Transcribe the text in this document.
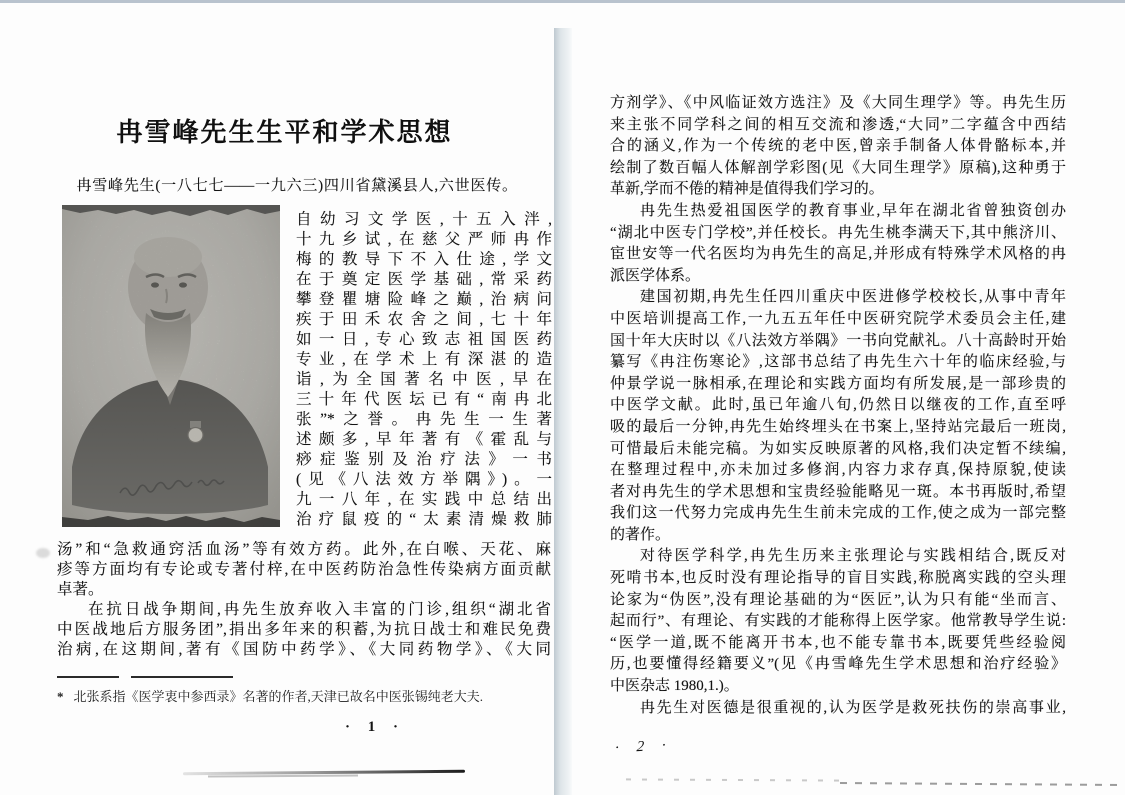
冉雪峰先生生平和学术思想
冉雪峰先生(一八七七——一九六三)四川省黛溪县人,六世医传。
自幼习文学医,十五入泮,
十九乡试,在慈父严师冉作
梅的教导下不入仕途,学文
在于奠定医学基础,常采药
攀登瞿塘险峰之巅,治病问
疾于田禾农舍之间,七十年
如一日,专心致志祖国医药
专业,在学术上有深湛的造
诣,为全国著名中医,早在
三十年代医坛已有“南冉北
张”*之誉。冉先生一生著
述颇多,早年著有《霍乱与
痧症鉴别及治疗法》一书
(见《八法效方举隅》)。一
九一八年,在实践中总结出
治疗鼠疫的“太素清燥救肺
汤”和“急救通窍活血汤”等有效方药。此外,在白喉、天花、麻
疹等方面均有专论或专著付梓,在中医药防治急性传染病方面贡献
卓著。
在抗日战争期间,冉先生放弃收入丰富的门诊,组织“湖北省
中医战地后方服务团”,捐出多年来的积蓄,为抗日战士和难民免费
治病,在这期间,著有《国防中药学》、《大同药物学》、《大同
* 北张系指《医学衷中参西录》名著的作者,天津已故名中医张锡纯老大夫.
· 1 ·
方剂学》、《中风临证效方选注》及《大同生理学》等。冉先生历
来主张不同学科之间的相互交流和渗透,“大同”二字蕴含中西结
合的涵义,作为一个传统的老中医,曾亲手制备人体骨骼标本,并
绘制了数百幅人体解剖学彩图(见《大同生理学》原稿),这种勇于
革新,学而不倦的精神是值得我们学习的。
冉先生热爱祖国医学的教育事业,早年在湖北省曾独资创办
“湖北中医专门学校”,并任校长。冉先生桃李满天下,其中熊济川、
宦世安等一代名医均为冉先生的高足,并形成有特殊学术风格的冉
派医学体系。
建国初期,冉先生任四川重庆中医进修学校校长,从事中青年
中医培训提高工作,一九五五年任中医研究院学术委员会主任,建
国十年大庆时以《八法效方举隅》一书向党献礼。八十高龄时开始
纂写《冉注伤寒论》,这部书总结了冉先生六十年的临床经验,与
仲景学说一脉相承,在理论和实践方面均有所发展,是一部珍贵的
中医学文献。此时,虽已年逾八旬,仍然日以继夜的工作,直至呼
吸的最后一分钟,冉先生始终埋头在书案上,坚持站完最后一班岗,
可惜最后未能完稿。为如实反映原著的风格,我们决定暂不续编,
在整理过程中,亦未加过多修润,内容力求存真,保持原貌,使读
者对冉先生的学术思想和宝贵经验能略见一斑。本书再版时,希望
我们这一代努力完成冉先生生前未完成的工作,使之成为一部完整
的著作。
对待医学科学,冉先生历来主张理论与实践相结合,既反对
死啃书本,也反时没有理论指导的盲目实践,称脱离实践的空头理
论家为“伪医”,没有理论基础的为“医匠”,认为只有能“坐而言、
起而行”、有理论、有实践的才能称得上医学家。他常教导学生说:
“医学一道,既不能离开书本,也不能专靠书本,既要凭些经验阅
历,也要懂得经籍要义”(见《冉雪峰先生学术思想和治疗经验》
中医杂志 1980,1.)。
冉先生对医德是很重视的,认为医学是救死扶伤的崇高事业,
· 2 ·
